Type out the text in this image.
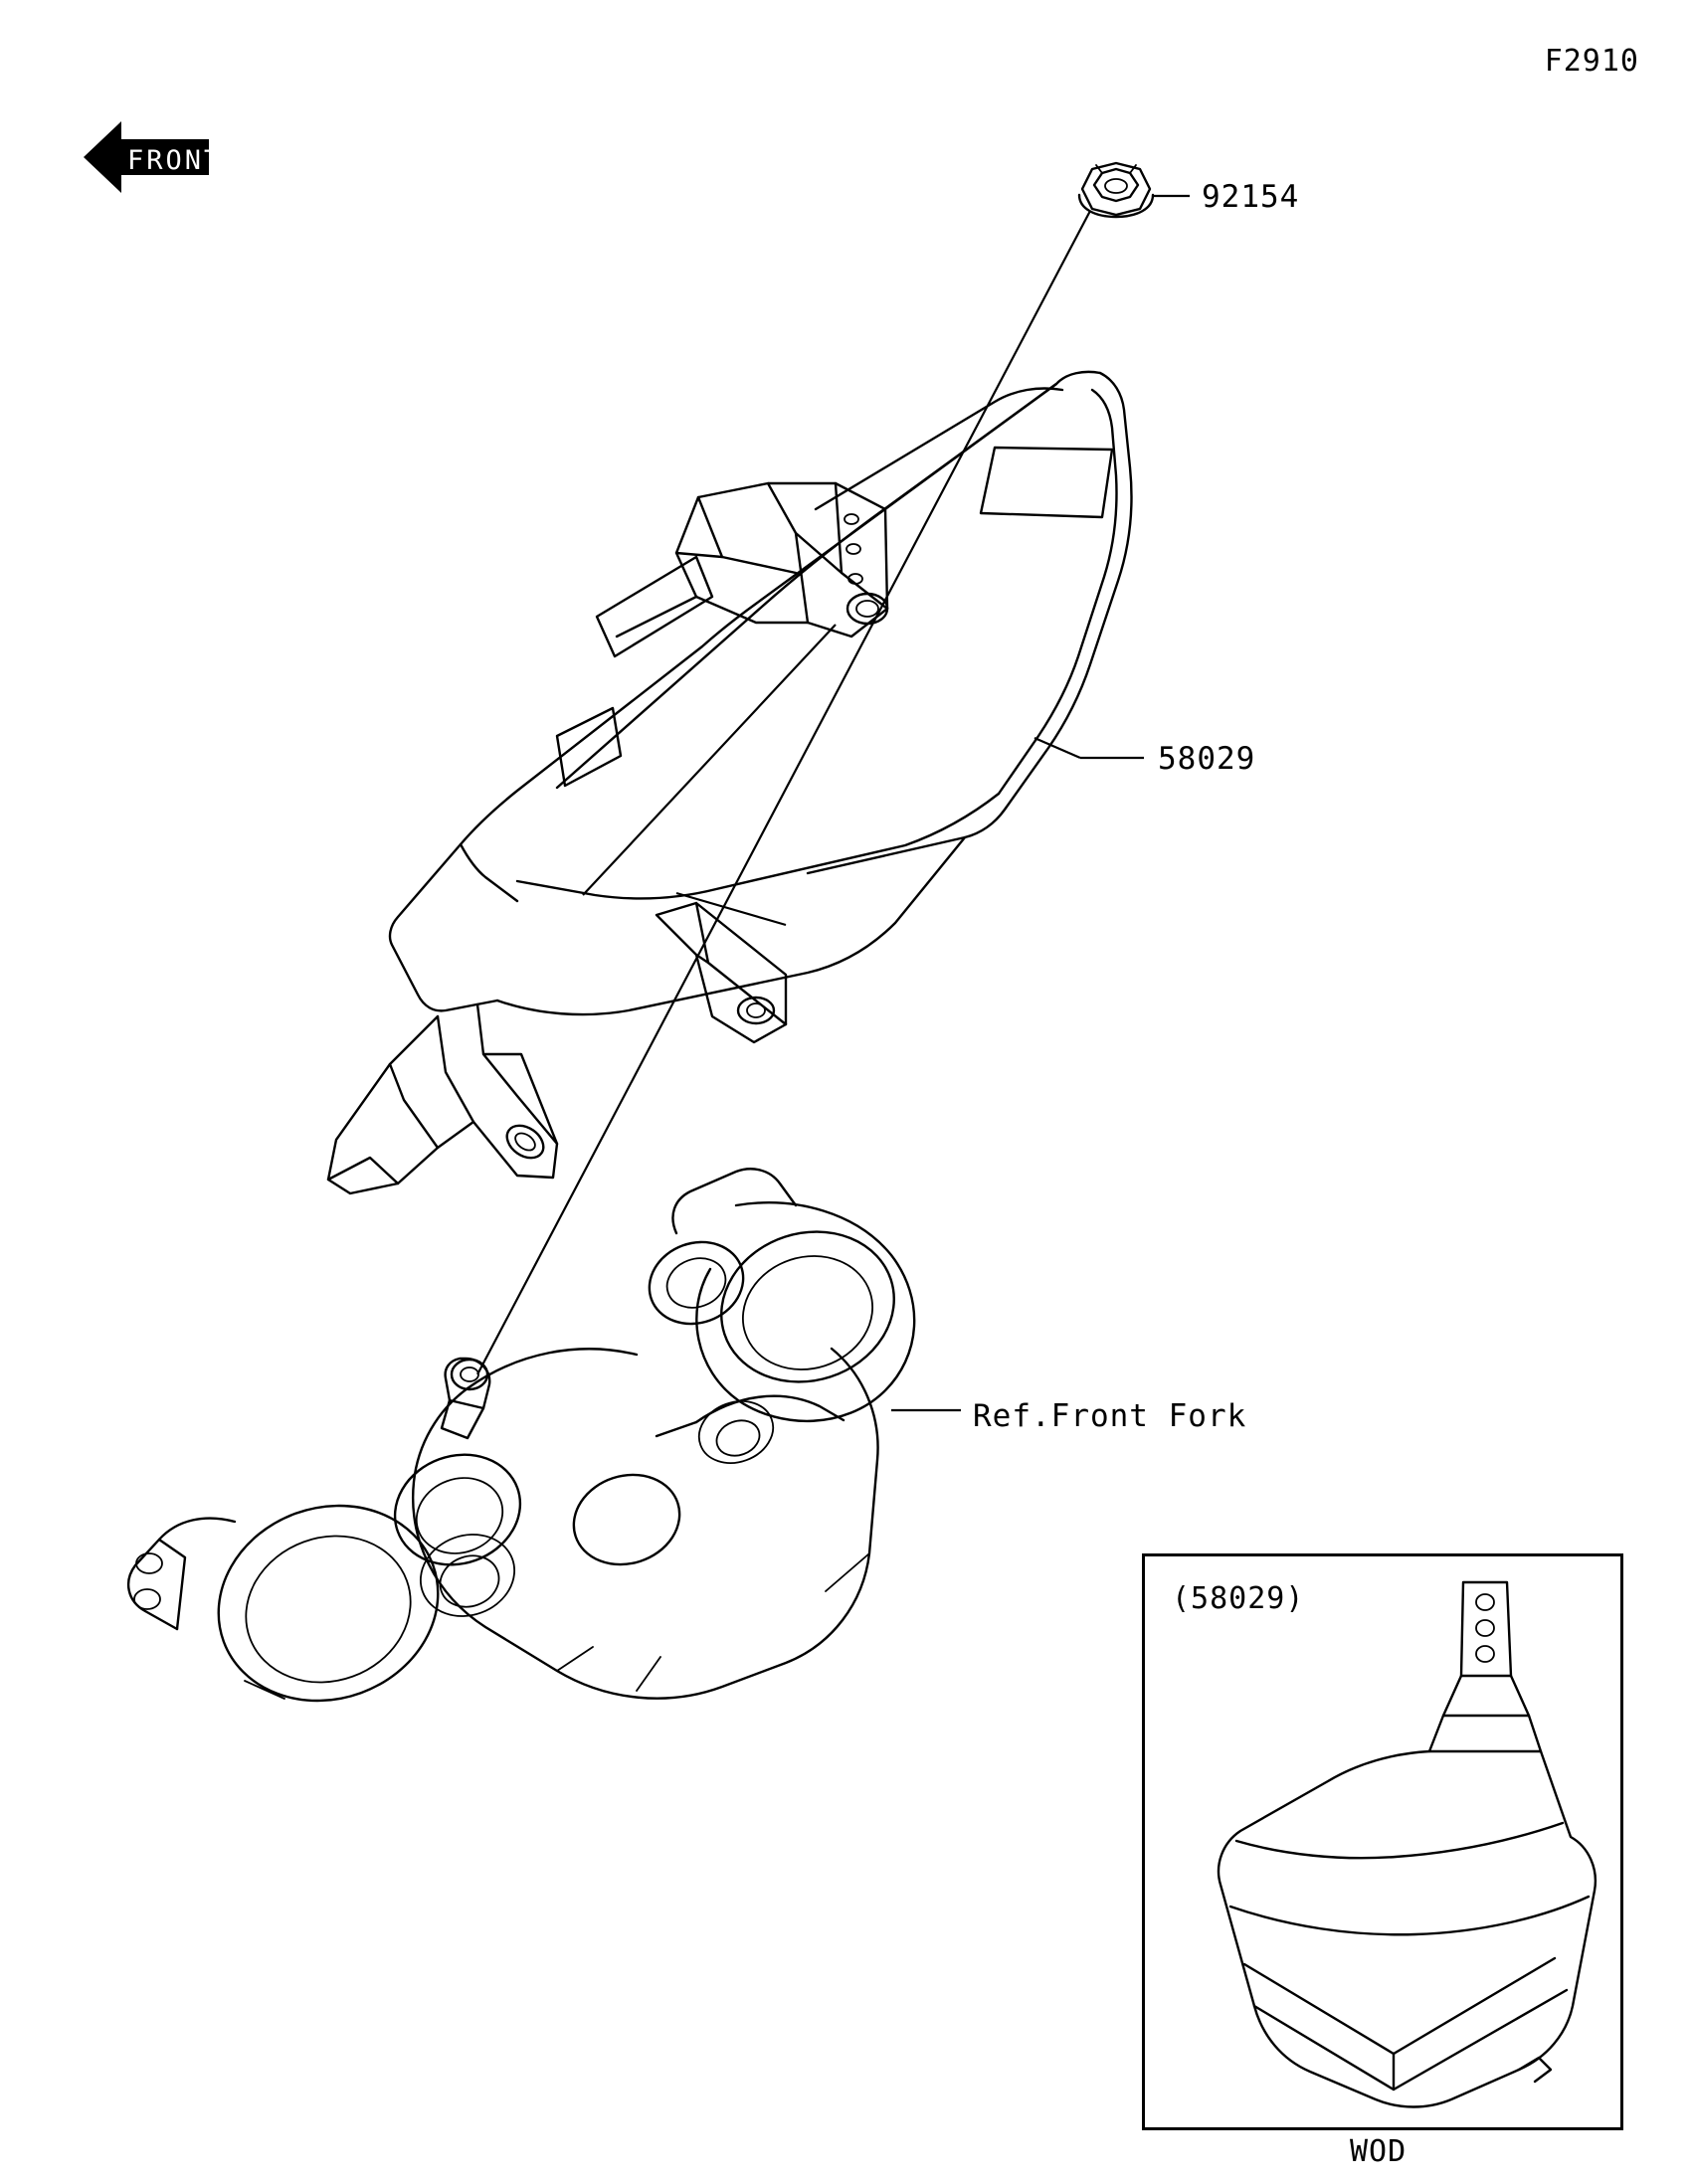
F2910
FRONT
92154
58029
Ref.Front Fork
(58029)
WOD
